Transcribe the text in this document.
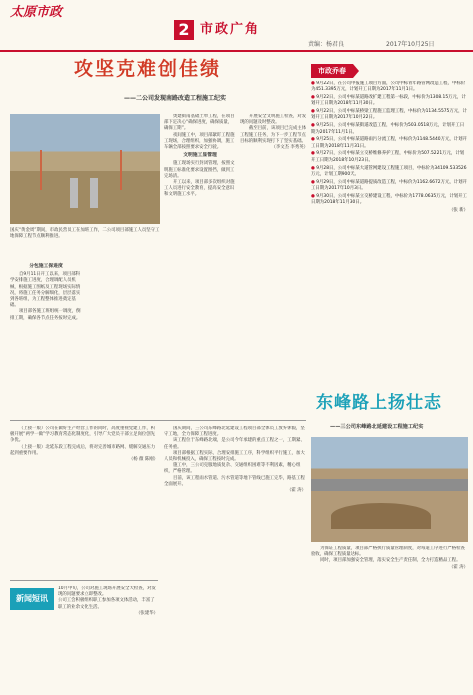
太原市政
2 市政广角
责编：杨君良	2017年10月25日
攻坚克难创佳绩
——二公司发现南路改造工程施工纪实
国庆“黄金周”期间，市政民营员工在加班工作，二公司项目部施工人员坚守工地保障工程节点顺利推进。
分包施工保进度

自9月11日开工以来，项目部科学安排施工进度，合理调配人员机械，根据施工图纸及工程现场实际情况，将施工任务分解细化，层层落实到各班组，为工程整体推进奠定基础。

项目部各施工班组统一调度，倒排工期，确保各节点任务按时完成。

奥建街南基础土单工程，在项目部下定决心“确保进度，确保质量，确保工期”。

夜间施工中，项目部紧盯工程施工现场，合理组织，加强协调，施工车辆全部按照要求安全行驶。

文明施工显管理

施工现场实行封闭管理，按照文明施工标准化要求设置围挡，做到工完场清。

开工以来，项目部多次组织对施工人员进行安全教育，提高安全意识和文明施工水平。

开展安全文明施工检查，对发现的问题及时整改。

截至目前，该项目已完成主体工程施工任务，为下一步工程节点目标的顺利实现打下了坚实基础。

（李文杰 李秀英）
市政乔春

● 9月22日，在公司申报施工项目方面，公司中标青年路管网改造工程，中标价为451.3395万元，计划开工日期为2017年11月1日。

● 9月22日，公司中标某道路改扩建工程第一标段，中标价为1308.15万元，计划开工日期为2018年11月30日。

● 9月22日，公司中标某桥梁工程施工监理工程，中标价为1134.5575万元，计划开工日期为2017年10月22日。

● 9月25日，公司中标某街道改造工程，中标价为503.0518万元，计划开工日期为2017年11月1日。

● 9月25日，公司中标某道路雨污分流工程，中标价为1148.5440万元，计划开工日期为2018年11月31日。

● 9月27日，公司中标某立交桥维修养护工程，中标价为507.5221万元，计划开工日期为2018年10月23日。

● 9月28日，公司中标某大道管网建设工程施工项目，中标价为34109.533526万元，计划工期900天。

● 9月29日，公司中标某道路提质改造工程，中标价为1162.6672万元，计划开工日期为2017年10月3日。

● 9月30日，公司中标某立交桥建设工程，中标价为1778.0635万元，计划开工日期为2018年11月30日。

（张 新）

（上接一版）公司在做好生产经营工作的同时，高度重视党建工作，积极开展“两学一做”学习教育常态化制度化，引导广大党员干部立足岗位创先争优。

（上接一版）北延东段工程完成后，将对完善城市路网、缓解交通压力起到重要作用。

（杨 薇 陈刚）
新闻短讯

10月中旬，公司对施工现场开展安全大检查，对发现的问题要求立即整改。

公司工会积极组织职工参加各项文体活动，丰富了职工的业余文化生活。

（张建华）
东峰路上扬壮志
——三公司东峰路北延建设工程施工纪实

国庆期间，三公司东峰路北延建设工程项目部全体员工放弃休假，坚守工地，全力保障工程进度。

该工程位于东峰路北端，是公司今年承建的重点工程之一，工期紧、任务重。

项目部根据工程实际，合理安排施工工序，科学组织平行施工，加大人员和机械投入，确保工程按时完成。

施工中，三公司克服地质复杂、交通组织困难等不利因素，精心组织，严格管理。

目前，该工程雨水管道、污水管道等地下管线已施工完毕，路基工程全面展开。

（霍 涛）

为保证工程质量，项目部严格执行质量管理制度，对每道工序进行严格检查验收，确保工程质量达标。

同时，项目部加强安全管理，落实安全生产责任制，全力打造精品工程。

（霍 涛）
